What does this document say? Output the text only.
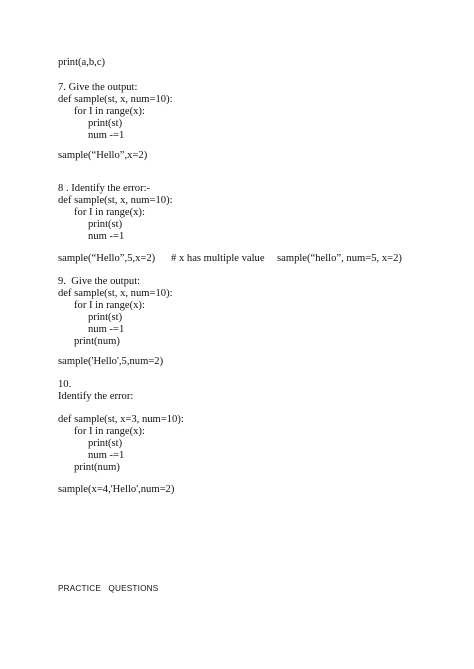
print(a,b,c)
7. Give the output:
def sample(st, x, num=10):
for I in range(x):
print(st)
num -=1
sample(“Hello”,x=2)
8 . Identify the error:-
def sample(st, x, num=10):
for I in range(x):
print(st)
num -=1
sample(“Hello”,5,x=2) # x has multiple value sample(“hello”, num=5, x=2)
9.  Give the output:
def sample(st, x, num=10):
for I in range(x):
print(st)
num -=1
print(num)
sample('Hello',5,num=2)
10.
Identify the error:
def sample(st, x=3, num=10):
for I in range(x):
print(st)
num -=1
print(num)
sample(x=4,'Hello',num=2)
PRACTICE   QUESTIONS
